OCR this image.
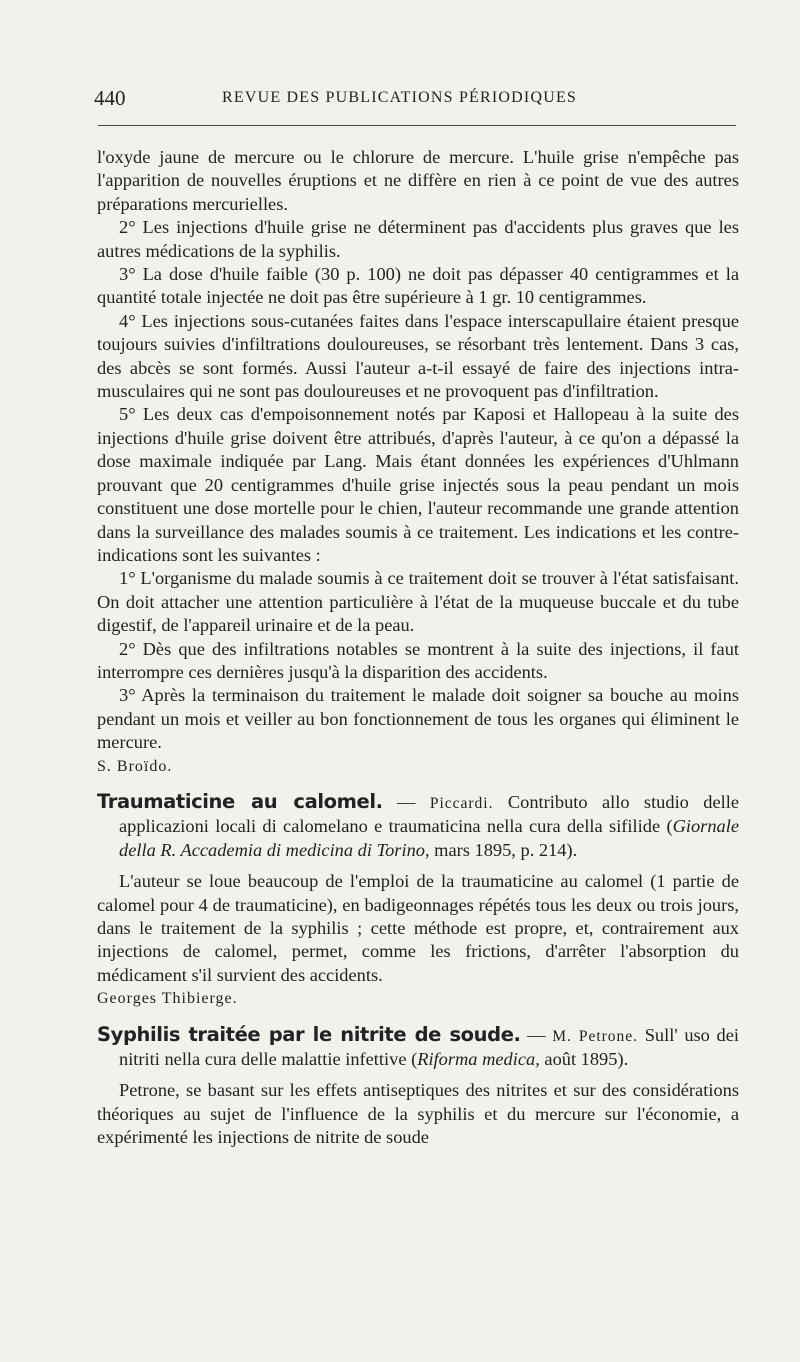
440	REVUE DES PUBLICATIONS PÉRIODIQUES

l'oxyde jaune de mercure ou le chlorure de mercure. L'huile grise n'empêche pas l'apparition de nouvelles éruptions et ne diffère en rien à ce point de vue des autres préparations mercurielles.

2° Les injections d'huile grise ne déterminent pas d'accidents plus graves que les autres médications de la syphilis.

3° La dose d'huile faible (30 p. 100) ne doit pas dépasser 40 centigrammes et la quantité totale injectée ne doit pas être supérieure à 1 gr. 10 centigrammes.

4° Les injections sous-cutanées faites dans l'espace interscapullaire étaient presque toujours suivies d'infiltrations douloureuses, se résorbant très lentement. Dans 3 cas, des abcès se sont formés. Aussi l'auteur a-t-il essayé de faire des injections intra-musculaires qui ne sont pas douloureuses et ne provoquent pas d'infiltration.

5° Les deux cas d'empoisonnement notés par Kaposi et Hallopeau à la suite des injections d'huile grise doivent être attribués, d'après l'auteur, à ce qu'on a dépassé la dose maximale indiquée par Lang. Mais étant données les expériences d'Uhlmann prouvant que 20 centigrammes d'huile grise injectés sous la peau pendant un mois constituent une dose mortelle pour le chien, l'auteur recommande une grande attention dans la surveillance des malades soumis à ce traitement. Les indications et les contre-indications sont les suivantes :

1° L'organisme du malade soumis à ce traitement doit se trouver à l'état satisfaisant. On doit attacher une attention particulière à l'état de la muqueuse buccale et du tube digestif, de l'appareil urinaire et de la peau.

2° Dès que des infiltrations notables se montrent à la suite des injections, il faut interrompre ces dernières jusqu'à la disparition des accidents.

3° Après la terminaison du traitement le malade doit soigner sa bouche au moins pendant un mois et veiller au bon fonctionnement de tous les organes qui éliminent le mercure.

S. Broïdo.

Traumaticine au calomel. — Piccardi. Contributo allo studio delle applicazioni locali di calomelano e traumaticina nella cura della sifilide (Giornale della R. Accademia di medicina di Torino, mars 1895, p. 214).

L'auteur se loue beaucoup de l'emploi de la traumaticine au calomel (1 partie de calomel pour 4 de traumaticine), en badigeonnages répétés tous les deux ou trois jours, dans le traitement de la syphilis ; cette méthode est propre, et, contrairement aux injections de calomel, permet, comme les frictions, d'arrêter l'absorption du médicament s'il survient des accidents.

Georges Thibierge.

Syphilis traitée par le nitrite de soude. — M. Petrone. Sull' uso dei nitriti nella cura delle malattie infettive (Riforma medica, août 1895).

Petrone, se basant sur les effets antiseptiques des nitrites et sur des considérations théoriques au sujet de l'influence de la syphilis et du mercure sur l'économie, a expérimenté les injections de nitrite de soude
